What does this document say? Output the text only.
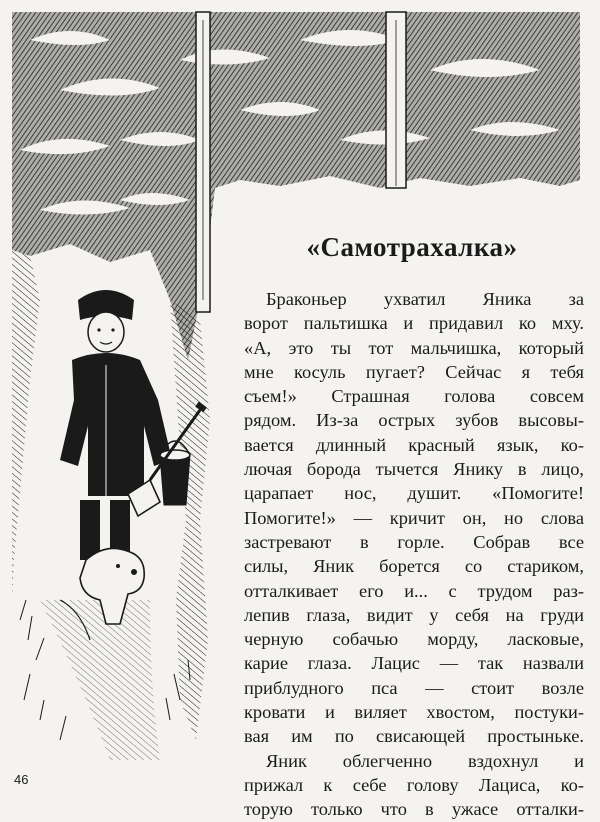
«Самотрахалка»
Браконьер ухватил Яника за
ворот пальтишка и придавил ко мху.
«А, это ты тот мальчишка, который
мне косуль пугает? Сейчас я тебя
съем!» Страшная голова совсем
рядом. Из-за острых зубов высовы-
вается длинный красный язык, ко-
лючая борода тычется Янику в лицо,
царапает нос, душит. «Помогите!
Помогите!» — кричит он, но слова
застревают в горле. Собрав все
силы, Яник борется со стариком,
отталкивает его и... с трудом раз-
лепив глаза, видит у себя на груди
черную собачью морду, ласковые,
карие глаза. Лацис — так назвали
приблудного пса — стоит возле
кровати и виляет хвостом, постуки-
вая им по свисающей простыньке.
Яник облегченно вздохнул и
прижал к себе голову Лациса, ко-
торую только что в ужасе отталки-

46
